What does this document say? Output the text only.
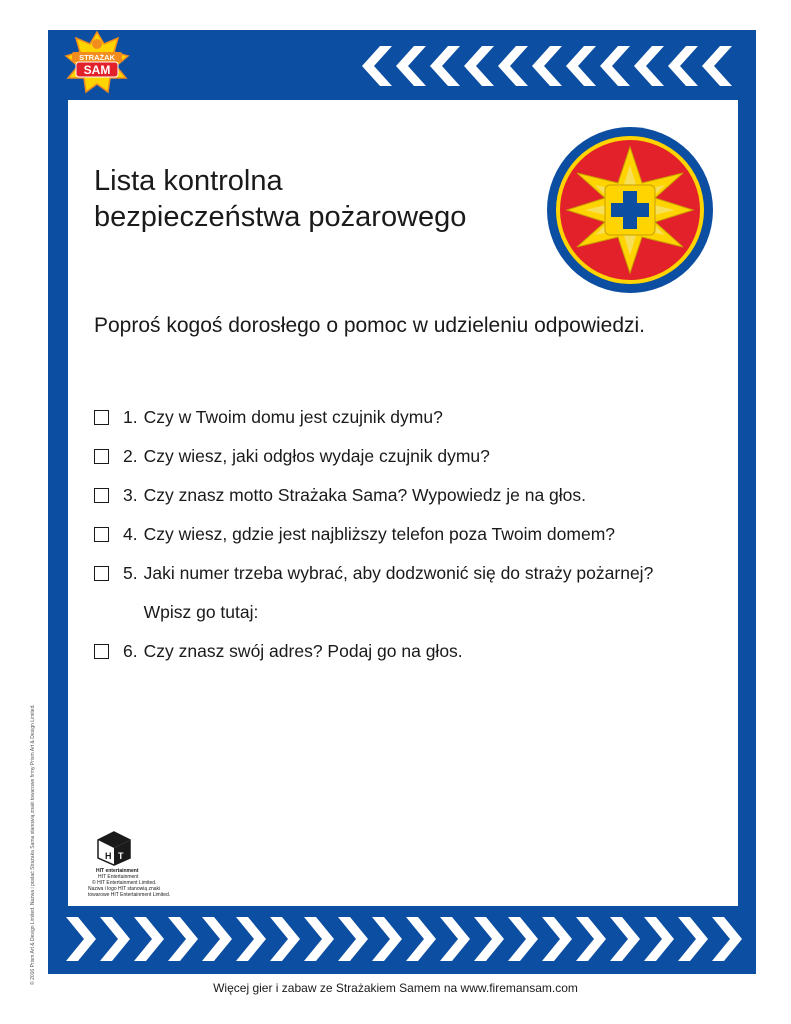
STRAŻAK
SAM
Lista kontrolna
bezpieczeństwa pożarowego

Poproś kogoś dorosłego o pomoc w udzieleniu odpowiedzi.

1. Czy w Twoim domu jest czujnik dymu?
2. Czy wiesz, jaki odgłos wydaje czujnik dymu?
3. Czy znasz motto Strażaka Sama? Wypowiedz je na głos.
4. Czy wiesz, gdzie jest najbliższy telefon poza Twoim domem?
5. Jaki numer trzeba wybrać, aby dodzwonić się do straży pożarnej?
Wpisz go tutaj:
6. Czy znasz swój adres? Podaj go na głos.
H T
HIT entertainment
HIT Entertainment
© HIT Entertainment Limited.
Nazwa i logo HIT stanowią znaki
towarowe HIT Entertainment Limited.
© 2016 Prism Art & Design Limited. Nazwa i postać Strażaka Sama stanowią znaki towarowe firmy Prism Art & Design Limited.
Więcej gier i zabaw ze Strażakiem Samem na www.firemansam.com
